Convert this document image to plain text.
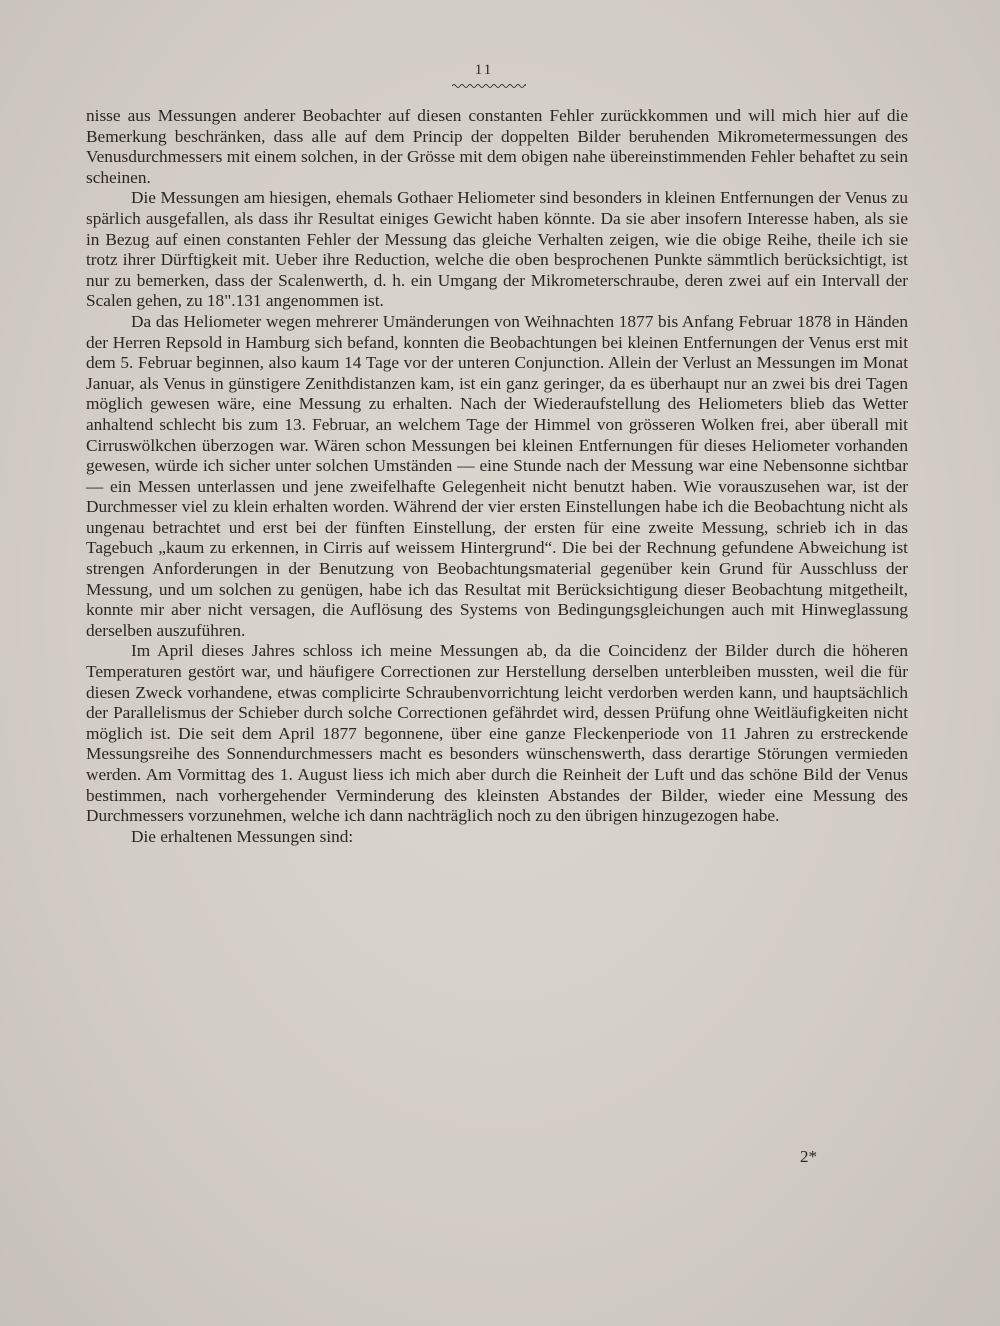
11

nisse aus Messungen anderer Beobachter auf diesen constanten Fehler zurückkommen und will mich hier auf die Bemerkung beschränken, dass alle auf dem Princip der doppelten Bilder beruhenden Mikrometermessungen des Venusdurchmessers mit einem solchen, in der Grösse mit dem obigen nahe übereinstimmenden Fehler behaftet zu sein scheinen.

Die Messungen am hiesigen, ehemals Gothaer Heliometer sind besonders in kleinen Entfernungen der Venus zu spärlich ausgefallen, als dass ihr Resultat einiges Gewicht haben könnte. Da sie aber insofern Interesse haben, als sie in Bezug auf einen constanten Fehler der Messung das gleiche Verhalten zeigen, wie die obige Reihe, theile ich sie trotz ihrer Dürftigkeit mit. Ueber ihre Reduction, welche die oben besprochenen Punkte sämmtlich berücksichtigt, ist nur zu bemerken, dass der Scalenwerth, d. h. ein Umgang der Mikrometerschraube, deren zwei auf ein Intervall der Scalen gehen, zu 18".131 angenommen ist.

Da das Heliometer wegen mehrerer Umänderungen von Weihnachten 1877 bis Anfang Februar 1878 in Händen der Herren Repsold in Hamburg sich befand, konnten die Beobachtungen bei kleinen Entfernungen der Venus erst mit dem 5. Februar beginnen, also kaum 14 Tage vor der unteren Conjunction. Allein der Verlust an Messungen im Monat Januar, als Venus in günstigere Zenithdistanzen kam, ist ein ganz geringer, da es überhaupt nur an zwei bis drei Tagen möglich gewesen wäre, eine Messung zu erhalten. Nach der Wiederaufstellung des Heliometers blieb das Wetter anhaltend schlecht bis zum 13. Februar, an welchem Tage der Himmel von grösseren Wolken frei, aber überall mit Cirruswölkchen überzogen war. Wären schon Messungen bei kleinen Entfernungen für dieses Heliometer vorhanden gewesen, würde ich sicher unter solchen Umständen — eine Stunde nach der Messung war eine Nebensonne sichtbar — ein Messen unterlassen und jene zweifelhafte Gelegenheit nicht benutzt haben. Wie vorauszusehen war, ist der Durchmesser viel zu klein erhalten worden. Während der vier ersten Einstellungen habe ich die Beobachtung nicht als ungenau betrachtet und erst bei der fünften Einstellung, der ersten für eine zweite Messung, schrieb ich in das Tagebuch „kaum zu erkennen, in Cirris auf weissem Hintergrund“. Die bei der Rechnung gefundene Abweichung ist strengen Anforderungen in der Benutzung von Beobachtungsmaterial gegenüber kein Grund für Ausschluss der Messung, und um solchen zu genügen, habe ich das Resultat mit Berücksichtigung dieser Beobachtung mitgetheilt, konnte mir aber nicht versagen, die Auflösung des Systems von Bedingungsgleichungen auch mit Hinweglassung derselben auszuführen.

Im April dieses Jahres schloss ich meine Messungen ab, da die Coincidenz der Bilder durch die höheren Temperaturen gestört war, und häufigere Correctionen zur Herstellung derselben unterbleiben mussten, weil die für diesen Zweck vorhandene, etwas complicirte Schraubenvorrichtung leicht verdorben werden kann, und hauptsächlich der Parallelismus der Schieber durch solche Correctionen gefährdet wird, dessen Prüfung ohne Weitläufigkeiten nicht möglich ist. Die seit dem April 1877 begonnene, über eine ganze Fleckenperiode von 11 Jahren zu erstreckende Messungsreihe des Sonnendurchmessers macht es besonders wünschenswerth, dass derartige Störungen vermieden werden. Am Vormittag des 1. August liess ich mich aber durch die Reinheit der Luft und das schöne Bild der Venus bestimmen, nach vorhergehender Verminderung des kleinsten Abstandes der Bilder, wieder eine Messung des Durchmessers vorzunehmen, welche ich dann nachträglich noch zu den übrigen hinzugezogen habe.

Die erhaltenen Messungen sind:

2*
